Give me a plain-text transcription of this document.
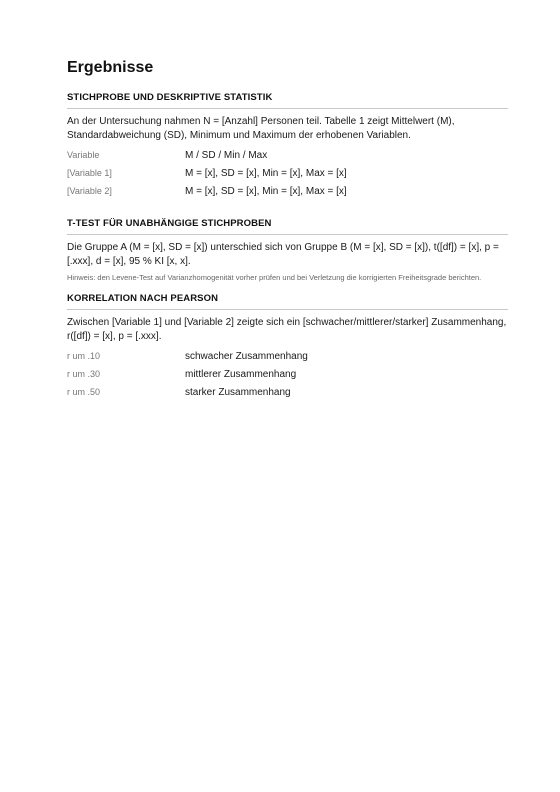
Ergebnisse
STICHPROBE UND DESKRIPTIVE STATISTIK

An der Untersuchung nahmen N = [Anzahl] Personen teil. Tabelle 1 zeigt Mittelwert (M), Standardabweichung (SD), Minimum und Maximum der erhobenen Variablen.

Variable	M / SD / Min / Max
[Variable 1]	M = [x], SD = [x], Min = [x], Max = [x]
[Variable 2]	M = [x], SD = [x], Min = [x], Max = [x]
T-TEST FÜR UNABHÄNGIGE STICHPROBEN

Die Gruppe A (M = [x], SD = [x]) unterschied sich von Gruppe B (M = [x], SD = [x]), t([df]) = [x], p = [.xxx], d = [x], 95 % KI [x, x].

Hinweis: den Levene-Test auf Varianzhomogenität vorher prüfen und bei Verletzung die korrigierten Freiheitsgrade berichten.

KORRELATION NACH PEARSON

Zwischen [Variable 1] und [Variable 2] zeigte sich ein [schwacher/mittlerer/starker] Zusammenhang, r([df]) = [x], p = [.xxx].

r um .10	schwacher Zusammenhang
r um .30	mittlerer Zusammenhang
r um .50	starker Zusammenhang
